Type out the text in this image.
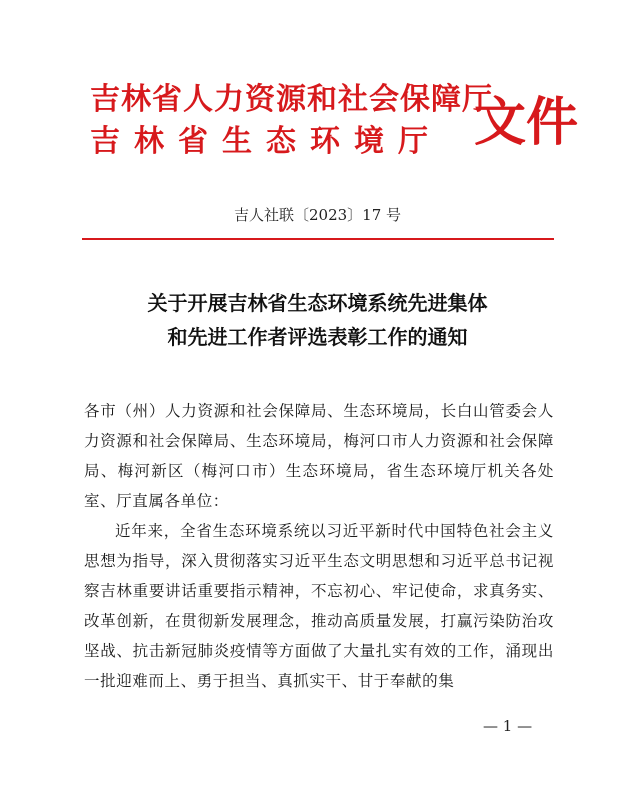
吉林省人力资源和社会保障厅
吉林省生态环境厅 文件
吉人社联〔2023〕17 号
关于开展吉林省生态环境系统先进集体
和先进工作者评选表彰工作的通知

各市（州）人力资源和社会保障局、生态环境局，长白山管委会人力资源和社会保障局、生态环境局，梅河口市人力资源和社会保障局、梅河新区（梅河口市）生态环境局，省生态环境厅机关各处室、厅直属各单位：

近年来，全省生态环境系统以习近平新时代中国特色社会主义思想为指导，深入贯彻落实习近平生态文明思想和习近平总书记视察吉林重要讲话重要指示精神，不忘初心、牢记使命，求真务实、改革创新，在贯彻新发展理念，推动高质量发展，打赢污染防治攻坚战、抗击新冠肺炎疫情等方面做了大量扎实有效的工作，涌现出一批迎难而上、勇于担当、真抓实干、甘于奉献的集

— 1 —
